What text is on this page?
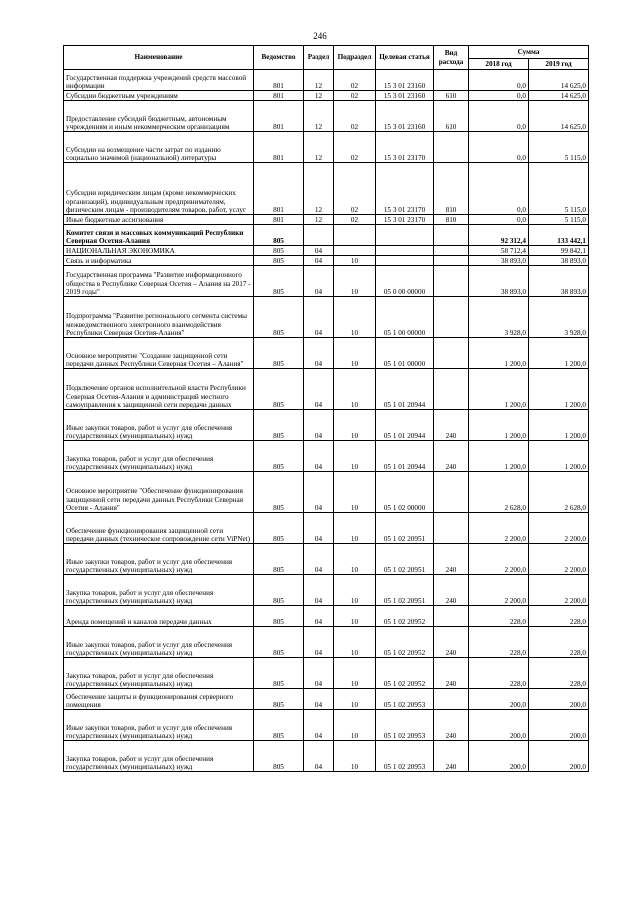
246
Наименование	Ведомство	Раздел	Подраздел	Целевая статья	Вид расхода	Сумма	
						2018 год	2019 год
Государственная поддержка учреждений средств массовой информации	801	12	02	15 3 01 23160		0,0	14 625,0
Субсидии бюджетным учреждениям	801	12	02	15 3 01 23160	610	0,0	14 625,0
Предоставление субсидий бюджетным, автономным учреждениям и иным некоммерческим организациям	801	12	02	15 3 01 23160	610	0,0	14 625,0
Субсидии на возмещение части затрат по изданию социально значимой (национальной) литературы	801	12	02	15 3 01 23170		0,0	5 115,0
Субсидии юридическим лицам (кроме некоммерческих организаций), индивидуальным предпринимателям, физическим лицам - производителям товаров, работ, услуг	801	12	02	15 3 01 23170	810	0,0	5 115,0
Иные бюджетные ассигнования	801	12	02	15 3 01 23170	810	0,0	5 115,0
Комитет связи и массовых коммуникаций Республики Северная Осетия-Алания	805					92 312,4	133 442,1
НАЦИОНАЛЬНАЯ ЭКОНОМИКА	805	04				58 712,4	99 842,1
Связь и информатика	805	04	10			38 893,0	38 893,0
Государственная программа "Развитие информационного общества в Республике Северная Осетия – Алания на 2017 - 2019 годы"	805	04	10	05 0 00 00000		38 893,0	38 893,0
Подпрограмма "Развитие регионального сегмента системы межведомственного электронного взаимодействия Республики Северная Осетия-Алания"	805	04	10	05 1 00 00000		3 928,0	3 928,0
Основное мероприятие "Создание защищенной сети передачи данных Республики Северная Осетия – Алания"	805	04	10	05 1 01 00000		1 200,0	1 200,0
Подключение органов исполнительной власти Республики Северная Осетия-Алания и администраций местного самоуправления к защищенной сети передачи данных	805	04	10	05 1 01 20944		1 200,0	1 200,0
Иные закупки товаров, работ и услуг для обеспечения государственных (муниципальных) нужд	805	04	10	05 1 01 20944	240	1 200,0	1 200,0
Закупка товаров, работ и услуг для обеспечения государственных (муниципальных) нужд	805	04	10	05 1 01 20944	240	1 200,0	1 200,0
Основное мероприятие "Обеспечение функционирования защищенной сети передачи данных Республики Северная Осетия - Алания"	805	04	10	05 1 02 00000		2 628,0	2 628,0
Обеспечение функционирования защищенной сети передачи данных (техническое сопровождение сети ViPNet)	805	04	10	05 1 02 20951		2 200,0	2 200,0
Иные закупки товаров, работ и услуг для обеспечения государственных (муниципальных) нужд	805	04	10	05 1 02 20951	240	2 200,0	2 200,0
Закупка товаров, работ и услуг для обеспечения государственных (муниципальных) нужд	805	04	10	05 1 02 20951	240	2 200,0	2 200,0
Аренда помещений и каналов передачи данных	805	04	10	05 1 02 20952		228,0	228,0
Иные закупки товаров, работ и услуг для обеспечения государственных (муниципальных) нужд	805	04	10	05 1 02 20952	240	228,0	228,0
Закупка товаров, работ и услуг для обеспечения государственных (муниципальных) нужд	805	04	10	05 1 02 20952	240	228,0	228,0
Обеспечение защиты и функционирования серверного помещения	805	04	10	05 1 02 20953		200,0	200,0
Иные закупки товаров, работ и услуг для обеспечения государственных (муниципальных) нужд	805	04	10	05 1 02 20953	240	200,0	200,0
Закупка товаров, работ и услуг для обеспечения государственных (муниципальных) нужд	805	04	10	05 1 02 20953	240	200,0	200,0
